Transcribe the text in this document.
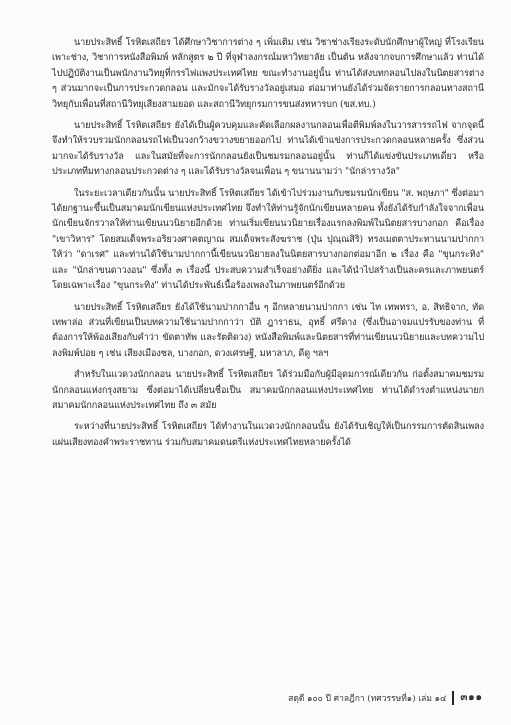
นายประสิทธิ์ โรหิตเสถียร ได้ศึกษาวิชาการต่าง ๆ เพิ่มเติม เช่น วิชาช่างเรียงระดับนักศึกษาผู้ใหญ่ ที่โรงเรียนเพาะช่าง, วิชาการหนังสือพิมพ์ หลักสูตร ๒ ปี ที่จุฬาลงกรณ์มหาวิทยาลัย เป็นต้น หลังจากจบการศึกษาแล้ว ท่านได้ไปปฏิบัติงานเป็นพนักงานวิทยุที่กรรไฟแพงประเทศไทย ขณะทำงานอยู่นั้น ท่านได้ส่งบทกลอนไปลงในนิตยสารต่าง ๆ ส่วนมากจะเป็นการประกวดกลอน และมักจะได้รับรางวัลอยู่เสมอ ต่อมาท่านยังได้ร่วมจัดรายการกลอนทางสถานีวิทยุกับเพื่อนที่สถานีวิทยุเสียงสามยอด และสถานีวิทยุกรมการขนส่งทหารบก (ขส.ทบ.)

นายประสิทธิ์ โรหิตเสถียร ยังได้เป็นผู้ควบคุมและคัดเลือกผลงานกลอนเพื่อตีพิมพ์ลงในวารสารรถไฟ จากจุดนี้จึงทำให้รวบรวมนักกลอนรถไฟเป็นวงกว้างขวางขยายออกไป ท่านได้เข้าแข่งการประกวดกลอนหลายครั้ง ซึ่งส่วนมากจะได้รับรางวัล และในสมัยที่จะการนักกลอนยังเป็นชมรมกลอนอยู่นั้น ท่านก็ได้แข่งขันประเภทเดี่ยว หรือประเภททีมทางกลอนประกวดต่าง ๆ และได้รับรางวัลจนเพื่อน ๆ ขนานนามว่า "นักล่ารางวัล"

ในระยะเวลาเดียวกันนั้น นายประสิทธิ์ โรหิตเสถียร ได้เข้าไปร่วมงานกับชมรมนักเขียน "ส. พฤษภา" ซึ่งต่อมาได้ยกฐานะขึ้นเป็นสมาคมนักเขียนแห่งประเทศไทย จึงทำให้ท่านรู้จักนักเขียนหลายคน ทั้งยังได้รับกำลังใจจากเพื่อนนักเขียนจักรวาลให้ท่านเขียนนวนิยายอีกด้วย ท่านเริ่มเขียนนวนิยายเรื่องแรกลงพิมพ์ในนิตยสารบางกอก คือเรื่อง "เขาวิหาร" โดยสมเด็จพระอริยวงศาคตญาณ สมเด็จพระสังฆราช (ปุ่น ปุณฺณสิริ) ทรงเมตตาประทานนามปากกาให้ว่า "ดาเรศ" และท่านได้ใช้นามปากกานี้เขียนนวนิยายลงในนิตยสารบางกอกต่อมาอีก ๒ เรื่อง คือ "ขุนกระทิง" และ "นักล่าขนดาวงอน" ซึ่งทั้ง ๓ เรื่องนี้ ประสบความสำเร็จอย่างดียิ่ง และได้นำไปสร้างเป็นละครและภาพยนตร์โดยเฉพาะเรื่อง "ขุนกระทิง" ท่านได้ประพันธ์เนื้อร้องเพลงในภาพยนตร์อีกด้วย

นายประสิทธิ์ โรหิตเสถียร ยังได้ใช้นามปากกาอื่น ๆ อีกหลายนามปากกา เช่น ไท เทพทรา, อ. สิทธิจาก, ทัด เทพาล่อ ส่วนที่เขียนเป็นบทความใช้นามปากกาว่า บัติ ฎาราธน, อุทธิ์ ศรีดาง (ซึ่งเป็นอาจมแปรรับของท่าน ที่ต้องการให้พ้องเสียงกับคำว่า ขัดตาทัพ และรัตติดวง) หนังสือพิมพ์และนิตยสารที่ท่านเขียนนวนิยายและบทความไปลงพิมพ์บ่อย ๆ เช่น เสียงเมืองชล, บางกอก, ดวงเศรษฐี, มหาลาภ, ดีดู ฯลฯ

สำหรับในแวดวงนักกลอน นายประสิทธิ์ โรหิตเสถียร ได้ร่วมมือกับผู้มีอุดมการณ์เดียวกัน ก่อตั้งสมาคมชมรมนักกลอนแห่งกรุงสยาม ซึ่งต่อมาได้เปลี่ยนชื่อเป็น สมาคมนักกลอนแห่งประเทศไทย ท่านได้ดำรงตำแหน่งนายกสมาคมนักกลอนแห่งประเทศไทย ถึง ๓ สมัย

ระหว่างที่นายประสิทธิ์ โรหิตเสถียร ได้ทำงานในแวดวงนักกลอนนั้น ยังได้รับเชิญให้เป็นกรรมการตัดสินเพลงแผ่นเสียงทองคำพระราชทาน ร่วมกับสมาคมดนตรีแห่งประเทศไทยหลายครั้งได้

สดุดี ๑๐๐ ปี ศาลฎีกา (ทศวรรษที่๑) เล่ม ๑๔ ๓๑๑
